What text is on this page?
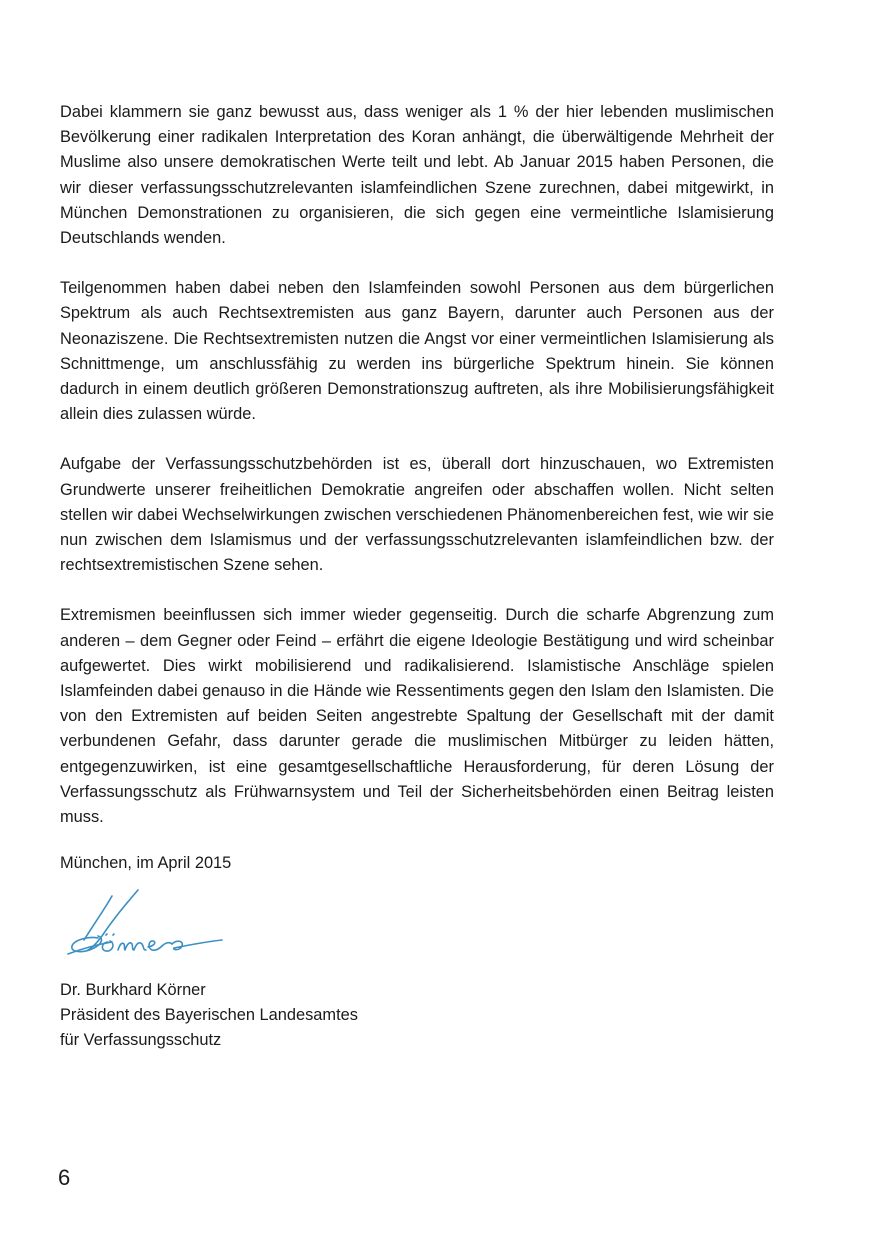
Dabei klammern sie ganz bewusst aus, dass weniger als 1 % der hier lebenden muslimischen Bevölkerung einer radikalen Interpretation des Koran anhängt, die überwältigende Mehrheit der Muslime also unsere demokratischen Werte teilt und lebt. Ab Januar 2015 haben Personen, die wir dieser verfassungsschutzrelevanten islamfeindlichen Szene zurechnen, dabei mitgewirkt, in München Demonstrationen zu organisieren, die sich gegen eine vermeintliche Islamisierung Deutschlands wenden.

Teilgenommen haben dabei neben den Islamfeinden sowohl Personen aus dem bürgerlichen Spektrum als auch Rechtsextremisten aus ganz Bayern, darunter auch Personen aus der Neonaziszene. Die Rechtsextremisten nutzen die Angst vor einer vermeintlichen Islamisierung als Schnittmenge, um anschlussfähig zu werden ins bürgerliche Spektrum hinein. Sie können dadurch in einem deutlich größeren Demonstrationszug auftreten, als ihre Mobilisierungsfähigkeit allein dies zulassen würde.

Aufgabe der Verfassungsschutzbehörden ist es, überall dort hinzuschauen, wo Extremisten Grundwerte unserer freiheitlichen Demokratie angreifen oder abschaffen wollen. Nicht selten stellen wir dabei Wechselwirkungen zwischen verschiedenen Phänomenbereichen fest, wie wir sie nun zwischen dem Islamismus und der verfassungsschutzrelevanten islamfeindlichen bzw. der rechtsextremistischen Szene sehen.

Extremismen beeinflussen sich immer wieder gegenseitig. Durch die scharfe Abgrenzung zum anderen – dem Gegner oder Feind – erfährt die eigene Ideologie Bestätigung und wird scheinbar aufgewertet. Dies wirkt mobilisierend und radikalisierend. Islamistische Anschläge spielen Islamfeinden dabei genauso in die Hände wie Ressentiments gegen den Islam den Islamisten. Die von den Extremisten auf beiden Seiten angestrebte Spaltung der Gesellschaft mit der damit verbundenen Gefahr, dass darunter gerade die muslimischen Mitbürger zu leiden hätten, entgegenzuwirken, ist eine gesamtgesellschaftliche Herausforderung, für deren Lösung der Verfassungsschutz als Frühwarnsystem und Teil der Sicherheitsbehörden einen Beitrag leisten muss.

München, im April 2015
Dr. Burkhard Körner
Präsident des Bayerischen Landesamtes
für Verfassungsschutz
6
